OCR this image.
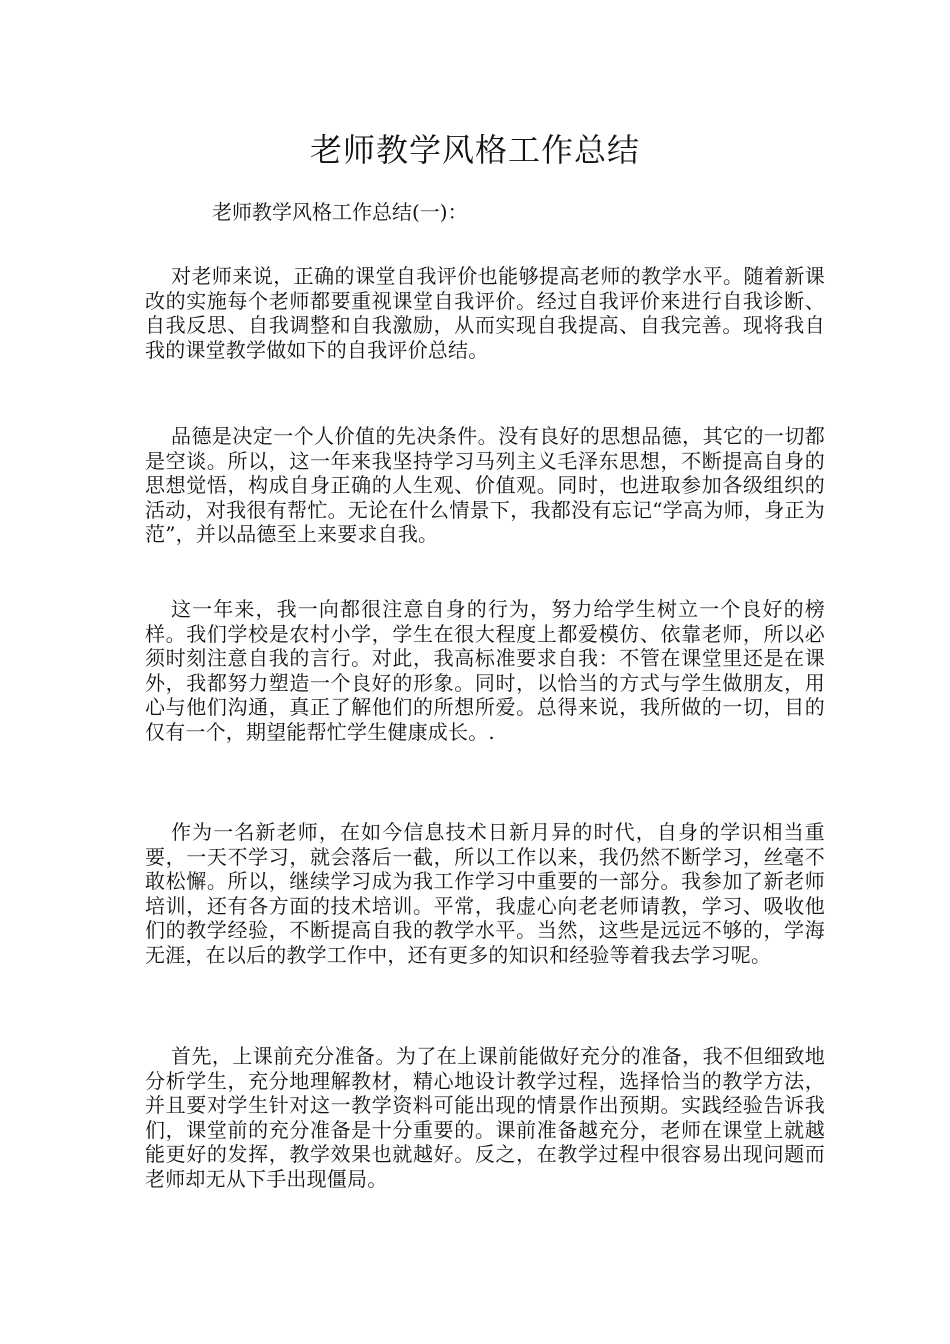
老师教学风格工作总结

老师教学风格工作总结(一)：

对老师来说，正确的课堂自我评价也能够提高老师的教学水平。随着新课改的实施每个老师都要重视课堂自我评价。经过自我评价来进行自我诊断、自我反思、自我调整和自我激励，从而实现自我提高、自我完善。现将我自我的课堂教学做如下的自我评价总结。

品德是决定一个人价值的先决条件。没有良好的思想品德，其它的一切都是空谈。所以，这一年来我坚持学习马列主义毛泽东思想，不断提高自身的思想觉悟，构成自身正确的人生观、价值观。同时，也进取参加各级组织的活动，对我很有帮忙。无论在什么情景下，我都没有忘记“学高为师，身正为范”，并以品德至上来要求自我。

这一年来，我一向都很注意自身的行为，努力给学生树立一个良好的榜样。我们学校是农村小学，学生在很大程度上都爱模仿、依靠老师，所以必须时刻注意自我的言行。对此，我高标准要求自我：不管在课堂里还是在课外，我都努力塑造一个良好的形象。同时，以恰当的方式与学生做朋友，用心与他们沟通，真正了解他们的所想所爱。总得来说，我所做的一切，目的仅有一个，期望能帮忙学生健康成长。.

作为一名新老师，在如今信息技术日新月异的时代，自身的学识相当重要，一天不学习，就会落后一截，所以工作以来，我仍然不断学习，丝毫不敢松懈。所以，继续学习成为我工作学习中重要的一部分。我参加了新老师培训，还有各方面的技术培训。平常，我虚心向老老师请教，学习、吸收他们的教学经验，不断提高自我的教学水平。当然，这些是远远不够的，学海无涯，在以后的教学工作中，还有更多的知识和经验等着我去学习呢。

首先，上课前充分准备。为了在上课前能做好充分的准备，我不但细致地分析学生，充分地理解教材，精心地设计教学过程，选择恰当的教学方法，并且要对学生针对这一教学资料可能出现的情景作出预期。实践经验告诉我们，课堂前的充分准备是十分重要的。课前准备越充分，老师在课堂上就越能更好的发挥，教学效果也就越好。反之，在教学过程中很容易出现问题而老师却无从下手出现僵局。
